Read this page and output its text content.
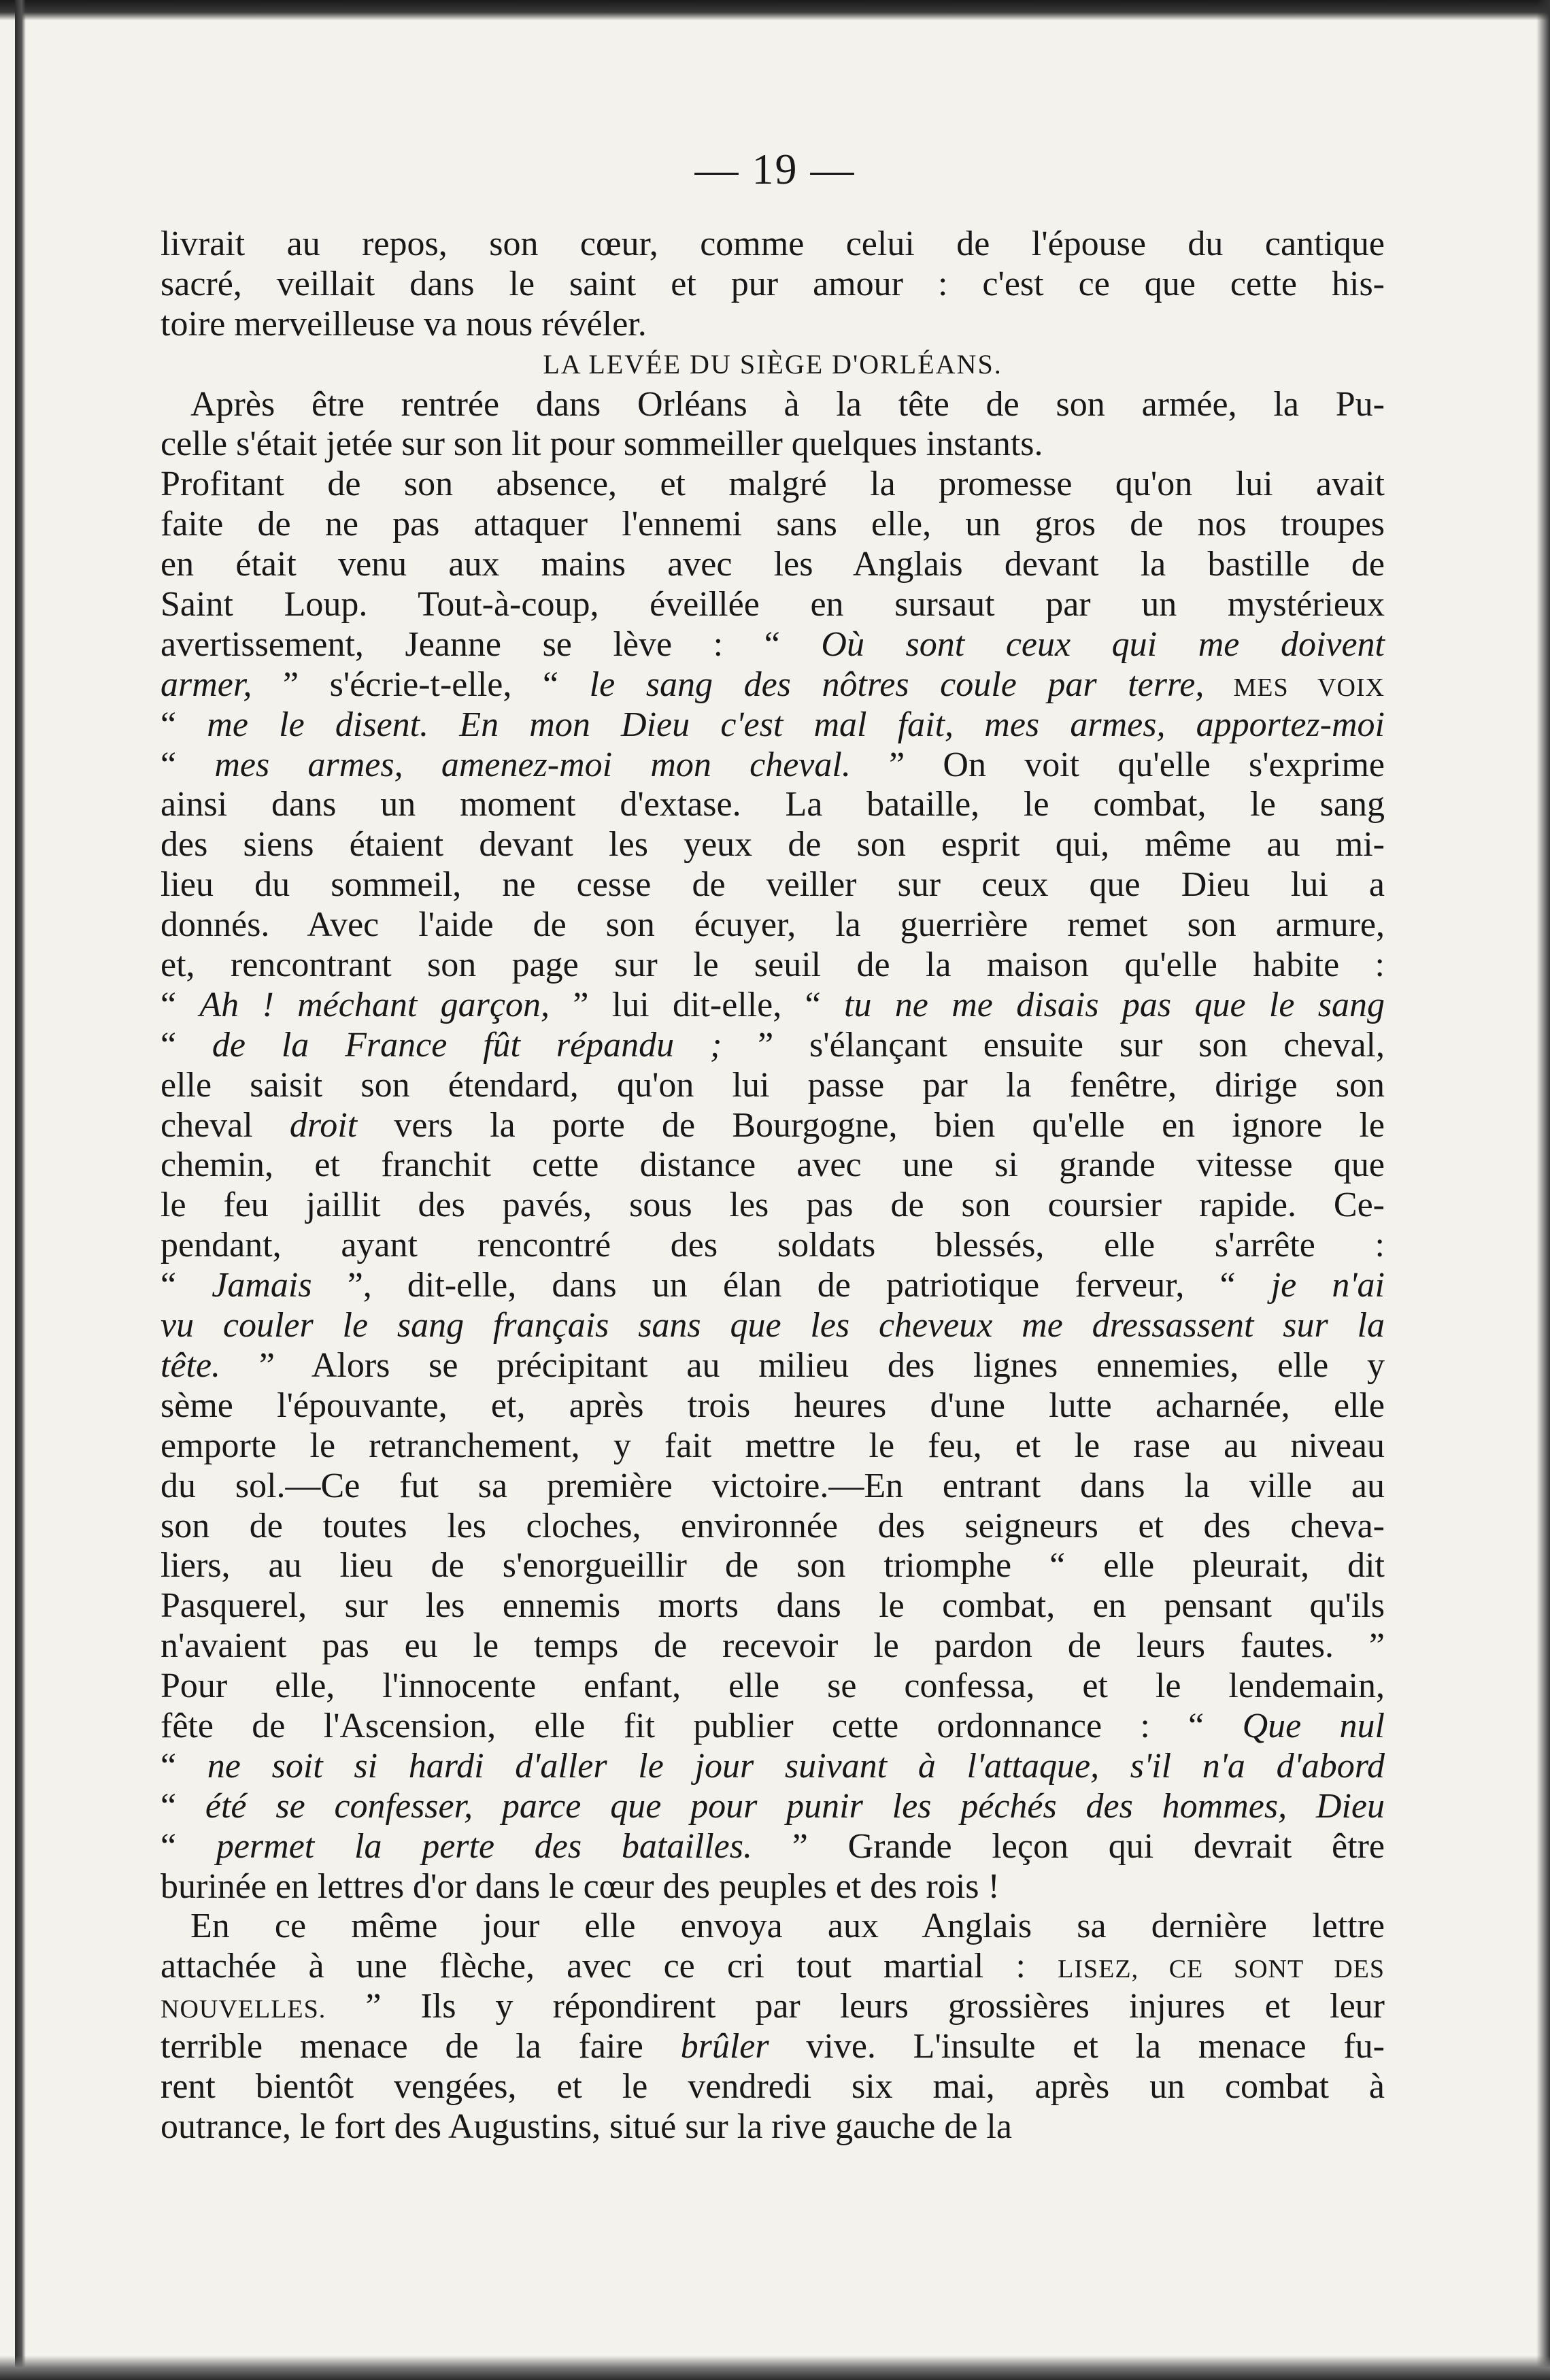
— 19 —
livrait au repos, son cœur, comme celui de l'épouse du cantique
sacré, veillait dans le saint et pur amour : c'est ce que cette his-
toire merveilleuse va nous révéler.
LA LEVÉE DU SIÈGE D'ORLÉANS.
Après être rentrée dans Orléans à la tête de son armée, la Pu-
celle s'était jetée sur son lit pour sommeiller quelques instants.
Profitant de son absence, et malgré la promesse qu'on lui avait
faite de ne pas attaquer l'ennemi sans elle, un gros de nos troupes
en était venu aux mains avec les Anglais devant la bastille de
Saint Loup. Tout-à-coup, éveillée en sursaut par un mystérieux
avertissement, Jeanne se lève : “ Où sont ceux qui me doivent
armer, ” s'écrie-t-elle, “ le sang des nôtres coule par terre, MES VOIX
“ me le disent. En mon Dieu c'est mal fait, mes armes, apportez-moi
“ mes armes, amenez-moi mon cheval. ” On voit qu'elle s'exprime
ainsi dans un moment d'extase. La bataille, le combat, le sang
des siens étaient devant les yeux de son esprit qui, même au mi-
lieu du sommeil, ne cesse de veiller sur ceux que Dieu lui a
donnés. Avec l'aide de son écuyer, la guerrière remet son armure,
et, rencontrant son page sur le seuil de la maison qu'elle habite :
“ Ah ! méchant garçon, ” lui dit-elle, “ tu ne me disais pas que le sang
“ de la France fût répandu ; ” s'élançant ensuite sur son cheval,
elle saisit son étendard, qu'on lui passe par la fenêtre, dirige son
cheval droit vers la porte de Bourgogne, bien qu'elle en ignore le
chemin, et franchit cette distance avec une si grande vitesse que
le feu jaillit des pavés, sous les pas de son coursier rapide. Ce-
pendant, ayant rencontré des soldats blessés, elle s'arrête :
“ Jamais ”, dit-elle, dans un élan de patriotique ferveur, “ je n'ai
vu couler le sang français sans que les cheveux me dressassent sur la
tête. ” Alors se précipitant au milieu des lignes ennemies, elle y
sème l'épouvante, et, après trois heures d'une lutte acharnée, elle
emporte le retranchement, y fait mettre le feu, et le rase au niveau
du sol.—Ce fut sa première victoire.—En entrant dans la ville au
son de toutes les cloches, environnée des seigneurs et des cheva-
liers, au lieu de s'enorgueillir de son triomphe “ elle pleurait, dit
Pasquerel, sur les ennemis morts dans le combat, en pensant qu'ils
n'avaient pas eu le temps de recevoir le pardon de leurs fautes. ”
Pour elle, l'innocente enfant, elle se confessa, et le lendemain,
fête de l'Ascension, elle fit publier cette ordonnance : “ Que nul
“ ne soit si hardi d'aller le jour suivant à l'attaque, s'il n'a d'abord
“ été se confesser, parce que pour punir les péchés des hommes, Dieu
“ permet la perte des batailles. ” Grande leçon qui devrait être
burinée en lettres d'or dans le cœur des peuples et des rois !
En ce même jour elle envoya aux Anglais sa dernière lettre
attachée à une flèche, avec ce cri tout martial : LISEZ, CE SONT DES
NOUVELLES. ” Ils y répondirent par leurs grossières injures et leur
terrible menace de la faire brûler vive. L'insulte et la menace fu-
rent bientôt vengées, et le vendredi six mai, après un combat à
outrance, le fort des Augustins, situé sur la rive gauche de la
